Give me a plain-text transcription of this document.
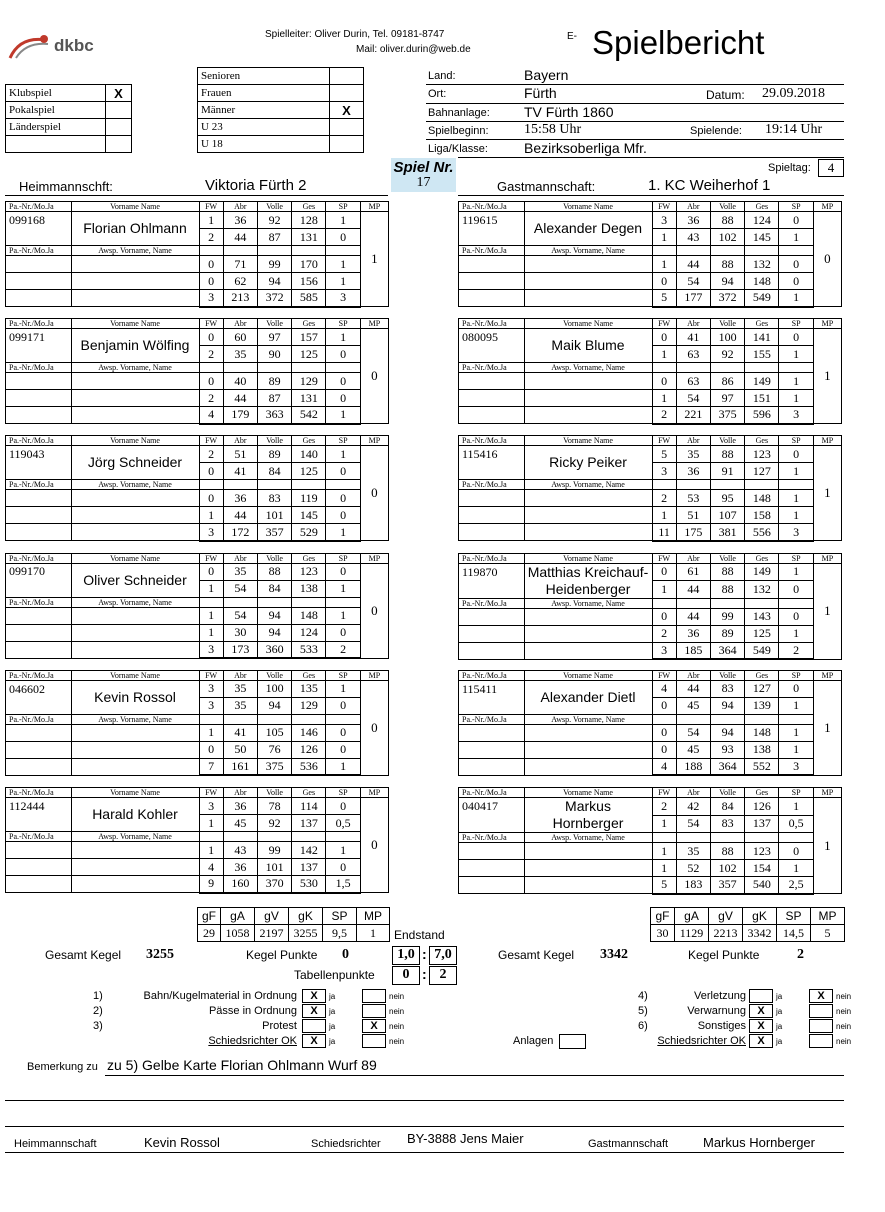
dkbc
Spielleiter: Oliver Durin, Tel. 09181-8747
Mail: oliver.durin@web.de
E- Spielbericht
Klubspiel	X
Pokalspiel	
Länderspiel	

Senioren	
Frauen	
Männer	X
U 23	
U 18	
Land:	Bayern
Ort:	Fürth	Datum: 29.09.2018
Bahnanlage: TV Fürth 1860
Spielbeginn:	15:58 Uhr	Spielende: 19:14 Uhr
Liga/Klasse:	Bezirksoberliga Mfr.
Spiel Nr.
17
Spieltag:	4
Heimmannschft:	Viktoria Fürth 2	Gastmannschaft:	1. KC Weiherhof 1
Pa.-Nr./Mo.Ja	Vorname Name	FW	Abr	Volle	Ges	SP	MP
099168	Florian Ohlmann	1	36	92	128	1	1
		2	44	87	131	0	
Pa.-Nr./Mo.Ja	Awsp. Vorname, Name						
		0	71	99	170	1	
		0	62	94	156	1	
		3	213	372	585	3	
Pa.-Nr./Mo.Ja	Vorname Name	FW	Abr	Volle	Ges	SP	MP
119615	Alexander Degen	3	36	88	124	0	0
		1	43	102	145	1	
Pa.-Nr./Mo.Ja	Awsp. Vorname, Name						
		1	44	88	132	0	
		0	54	94	148	0	
		5	177	372	549	1	
Pa.-Nr./Mo.Ja	Vorname Name	FW	Abr	Volle	Ges	SP	MP
099171	Benjamin Wölfing	0	60	97	157	1	0
		2	35	90	125	0	
Pa.-Nr./Mo.Ja	Awsp. Vorname, Name						
		0	40	89	129	0	
		2	44	87	131	0	
		4	179	363	542	1	
Pa.-Nr./Mo.Ja	Vorname Name	FW	Abr	Volle	Ges	SP	MP
080095	Maik Blume	0	41	100	141	0	1
		1	63	92	155	1	
Pa.-Nr./Mo.Ja	Awsp. Vorname, Name						
		0	63	86	149	1	
		1	54	97	151	1	
		2	221	375	596	3	
Pa.-Nr./Mo.Ja	Vorname Name	FW	Abr	Volle	Ges	SP	MP
119043	Jörg Schneider	2	51	89	140	1	0
		0	41	84	125	0	
Pa.-Nr./Mo.Ja	Awsp. Vorname, Name						
		0	36	83	119	0	
		1	44	101	145	0	
		3	172	357	529	1	
Pa.-Nr./Mo.Ja	Vorname Name	FW	Abr	Volle	Ges	SP	MP
115416	Ricky Peiker	5	35	88	123	0	1
		3	36	91	127	1	
Pa.-Nr./Mo.Ja	Awsp. Vorname, Name						
		2	53	95	148	1	
		1	51	107	158	1	
		11	175	381	556	3	
Pa.-Nr./Mo.Ja	Vorname Name	FW	Abr	Volle	Ges	SP	MP
099170	Oliver Schneider	0	35	88	123	0	0
		1	54	84	138	1	
Pa.-Nr./Mo.Ja	Awsp. Vorname, Name						
		1	54	94	148	1	
		1	30	94	124	0	
		3	173	360	533	2	
Pa.-Nr./Mo.Ja	Vorname Name	FW	Abr	Volle	Ges	SP	MP
119870	Matthias Kreichauf-
Heidenberger	0	61	88	149	1	1
		1	44	88	132	0	
Pa.-Nr./Mo.Ja	Awsp. Vorname, Name						
		0	44	99	143	0	
		2	36	89	125	1	
		3	185	364	549	2	
Pa.-Nr./Mo.Ja	Vorname Name	FW	Abr	Volle	Ges	SP	MP
046602	Kevin Rossol	3	35	100	135	1	0
		3	35	94	129	0	
Pa.-Nr./Mo.Ja	Awsp. Vorname, Name						
		1	41	105	146	0	
		0	50	76	126	0	
		7	161	375	536	1	
Pa.-Nr./Mo.Ja	Vorname Name	FW	Abr	Volle	Ges	SP	MP
115411	Alexander Dietl	4	44	83	127	0	1
		0	45	94	139	1	
Pa.-Nr./Mo.Ja	Awsp. Vorname, Name						
		0	54	94	148	1	
		0	45	93	138	1	
		4	188	364	552	3	
Pa.-Nr./Mo.Ja	Vorname Name	FW	Abr	Volle	Ges	SP	MP
112444	Harald Kohler	3	36	78	114	0	0
		1	45	92	137	0,5	
Pa.-Nr./Mo.Ja	Awsp. Vorname, Name						
		1	43	99	142	1	
		4	36	101	137	0	
		9	160	370	530	1,5	
Pa.-Nr./Mo.Ja	Vorname Name	FW	Abr	Volle	Ges	SP	MP
040417	Markus
Hornberger	2	42	84	126	1	1
		1	54	83	137	0,5	
Pa.-Nr./Mo.Ja	Awsp. Vorname, Name						
		1	35	88	123	0	
		1	52	102	154	1	
		5	183	357	540	2,5	
gF	gA	gV	gK	SP	MP
29	1058	2197	3255	9,5	1
gF	gA	gV	gK	SP	MP
30	1129	2213	3342	14,5	5
Endstand
Gesamt Kegel 3255	Kegel Punkte 0	1,0 : 7,0
Tabellenpunkte	0 : 2
Gesamt Kegel 3342	Kegel Punkte	2
1)	Bahn/Kugelmaterial in Ordnung	X	ja	nein
2)	Pässe in Ordnung	X	ja	nein
3)	Protest	ja	X	nein
Schiedsrichter OK	X	ja	nein
4)	Verletzung	ja	X	nein
5)	Verwarnung	X	ja	nein
6)	Sonstiges	X	ja	nein
Schiedsrichter OK	X	ja	nein
Anlagen
Bemerkung zu zu 5) Gelbe Karte Florian Ohlmann Wurf 89
Heimmannschaft	Kevin Rossol	Schiedsrichter BY-3888 Jens Maier	Gastmannschaft	Markus Hornberger
